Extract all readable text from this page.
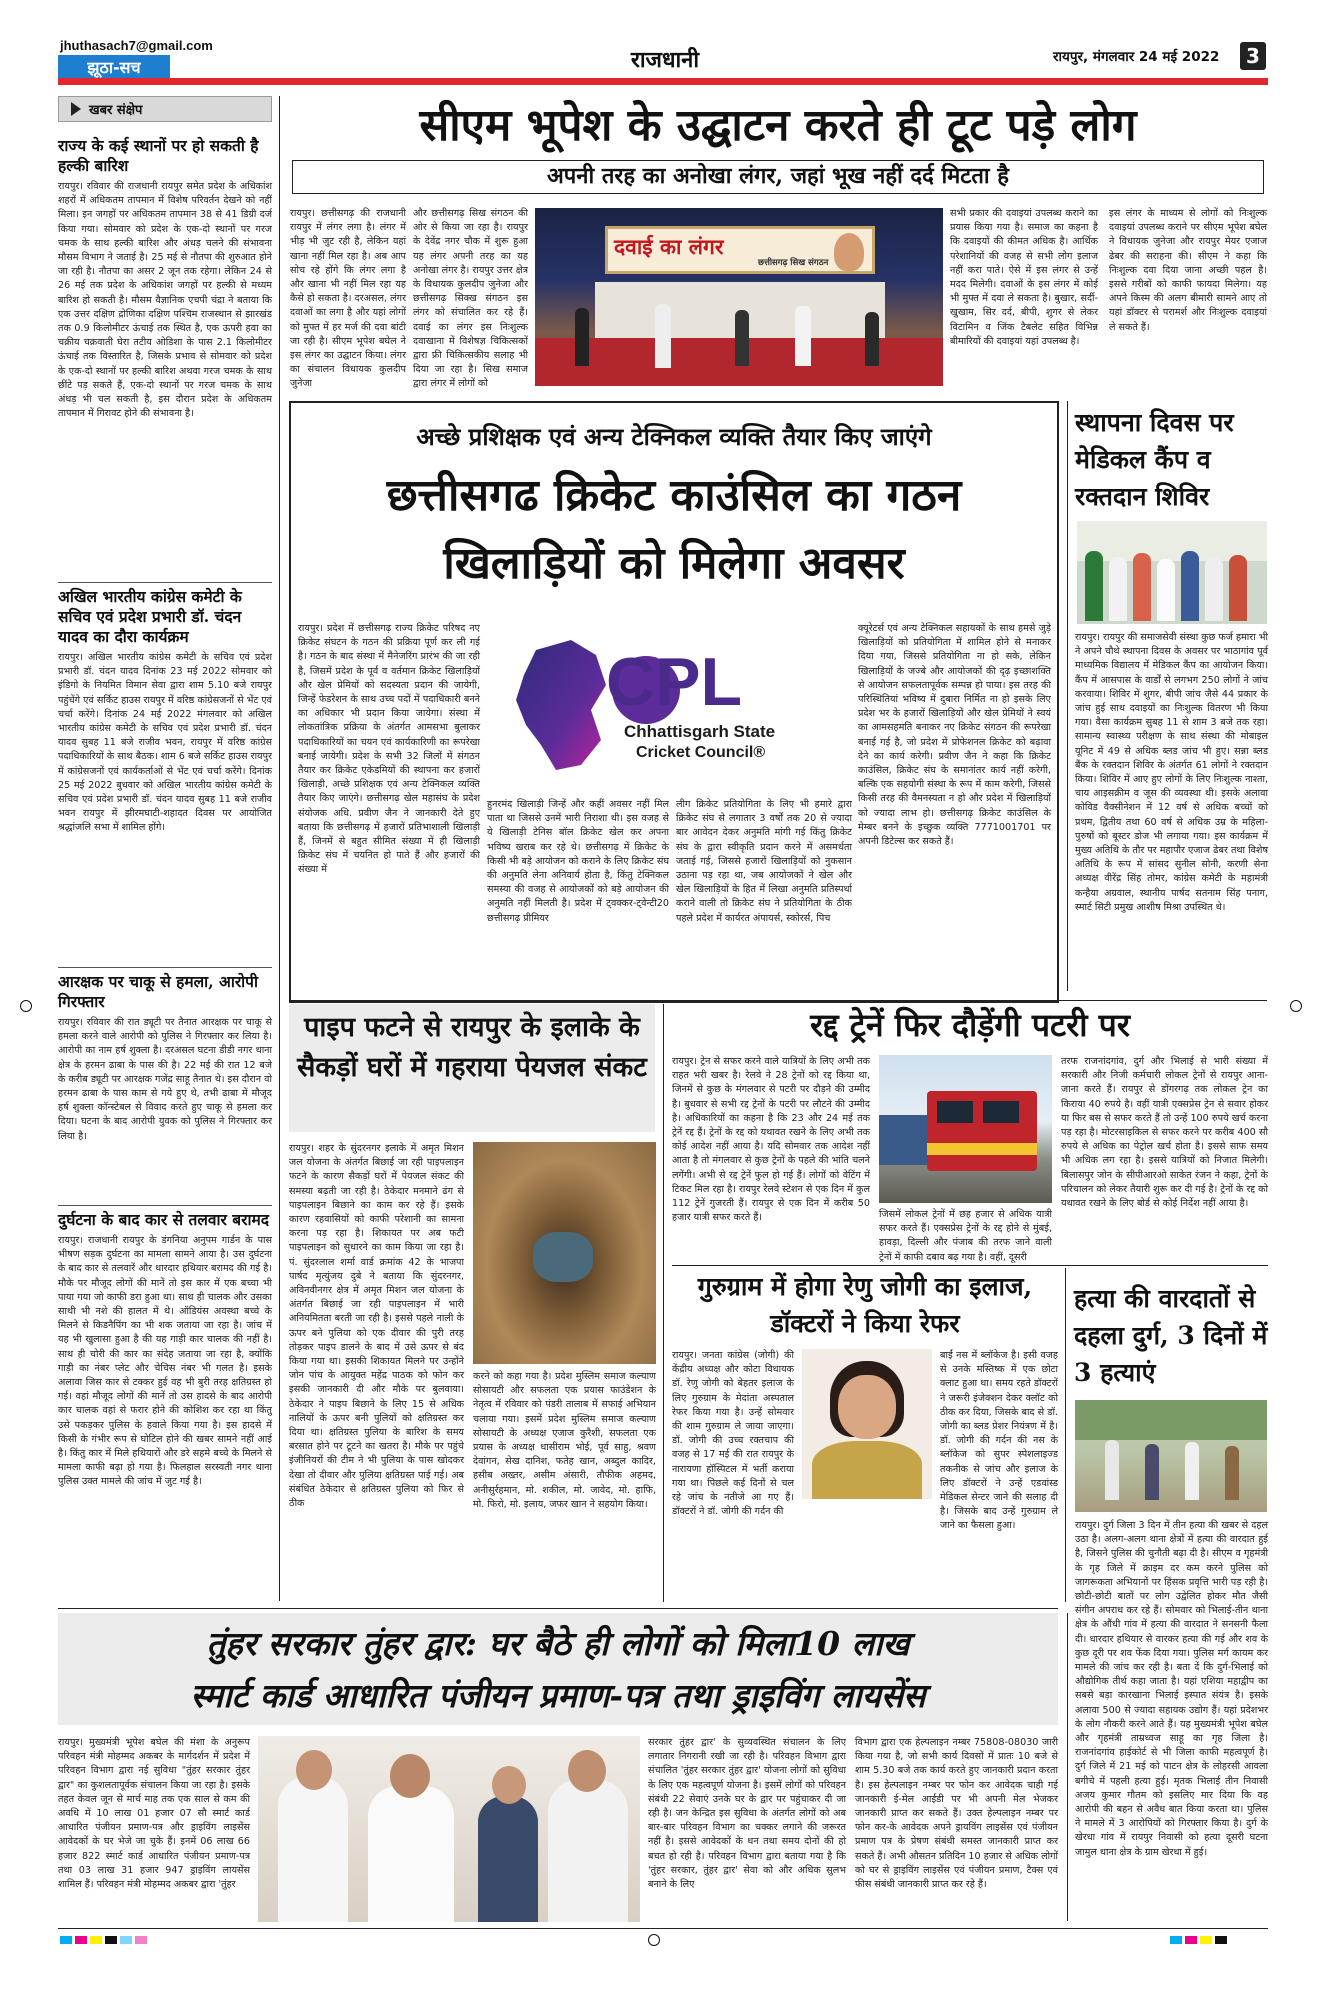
jhuthasach7@gmail.com
झूठा-सच	राजधानी	रायपुर, मंगलवार 24 मई 2022	3
खबर संक्षेप
राज्य के कई स्थानों पर हो सकती है हल्की बारिश
रायपुर। रविवार की राजधानी रायपुर समेत प्रदेश के अधिकांश शहरों में अधिकतम तापमान में विशेष परिवर्तन देखने को नहीं मिला। इन जगहों पर अधिकतम तापमान 38 से 41 डिग्री दर्ज किया गया। सोमवार को प्रदेश के एक-दो स्थानों पर गरज चमक के साथ हल्की बारिश और अंधड़ चलने की संभावना मौसम विभाग ने जताई है। 25 मई से नौतपा की शुरुआत होने जा रही है। नौतपा का असर 2 जून तक रहेगा। लेकिन 24 से 26 मई तक प्रदेश के अधिकांश जगहों पर हल्की से मध्यम बारिश हो सकती है। मौसम वैज्ञानिक एचपी चंद्रा ने बताया कि एक उत्तर दक्षिण द्रोणिका दक्षिण पश्चिम राजस्थान से झारखंड तक 0.9 किलोमीटर ऊंचाई तक स्थित है, एक ऊपरी हवा का चक्रीय चक्रवाती घेरा तटीय ओडिशा के पास 2.1 किलोमीटर ऊंचाई तक विस्तारित है, जिसके प्रभाव से सोमवार को प्रदेश के एक-दो स्थानों पर हल्की बारिश अथवा गरज चमक के साथ छींटे पड़ सकते हैं, एक-दो स्थानों पर गरज चमक के साथ अंधड़ भी चल सकती है, इस दौरान प्रदेश के अधिकतम तापमान में गिरावट होने की संभावना है।
अखिल भारतीय कांग्रेस कमेटी के सचिव एवं प्रदेश प्रभारी डॉ. चंदन यादव का दौरा कार्यक्रम
रायपुर। अखिल भारतीय कांग्रेस कमेटी के सचिव एवं प्रदेश प्रभारी डॉ. चंदन यादव दिनांक 23 मई 2022 सोमवार को इंडिगो के नियमित विमान सेवा द्वारा शाम 5.10 बजे रायपुर पहुंचेंगे एवं सर्किट हाउस रायपुर में वरिष्ठ कांग्रेसजनों से भेंट एवं चर्चा करेंगे। दिनांक 24 मई 2022 मंगलवार को अखिल भारतीय कांग्रेस कमेटी के सचिव एवं प्रदेश प्रभारी डॉ. चंदन यादव सुबह 11 बजे राजीव भवन, रायपुर में वरिष्ठ कांग्रेस पदाधिकारियों के साथ बैठक। शाम 6 बजे सर्किट हाउस रायपुर में कांग्रेसजनों एवं कार्यकर्ताओं से भेंट एवं चर्चा करेंगे। दिनांक 25 मई 2022 बुधवार को अखिल भारतीय कांग्रेस कमेटी के सचिव एवं प्रदेश प्रभारी डॉ. चंदन यादव सुबह 11 बजे राजीव भवन रायपुर में झीरमघाटी-शहादत दिवस पर आयोजित श्रद्धांजलि सभा में शामिल होंगे।
आरक्षक पर चाकू से हमला, आरोपी गिरफ्तार
रायपुर। रविवार की रात ड्यूटी पर तैनात आरक्षक पर चाकू से हमला करने वाले आरोपी को पुलिस ने गिरफ्तार कर लिया है। आरोपी का नाम हर्ष शुक्ला है। दरअसल घटना डीडी नगर थाना क्षेत्र के हरमन ढाबा के पास की है। 22 मई की रात 12 बजे के करीब ड्यूटी पर आरक्षक गजेंद्र साहू तैनात थे। इस दौरान वो हरमन ढाबा के पास काम से गये हुए थे, तभी ढाबा में मौजूद हर्ष शुक्ला कॉन्स्टेबल से विवाद करते हुए चाकू से हमला कर दिया। घटना के बाद आरोपी युवक को पुलिस ने गिरफ्तार कर लिया है।
दुर्घटना के बाद कार से तलवार बरामद
रायपुर। राजधानी रायपुर के डंगनिया अनुपम गार्डन के पास भीषण सड़क दुर्घटना का मामला सामने आया है। उस दुर्घटना के बाद कार से तलवारें और धारदार हथियार बरामद की गई है। मौके पर मौजूद लोगों की मानें तो इस कार में एक बच्चा भी पाया गया जो काफी डरा हुआ था। साथ ही चालक और उसका साथी भी नशे की हालत में थे। ऑडियंस अवस्था बच्चे के मिलने से किडनैपिंग का भी शक जताया जा रहा है। जांच में यह भी खुलासा हुआ है की यह गाड़ी कार चालक की नहीं है। साथ ही चोरी की कार का संदेह जताया जा रहा है, क्योंकि गाड़ी का नंबर प्लेट और चेचिस नंबर भी गलत है। इसके अलावा जिस कार से टक्कर हुई वह भी बुरी तरह क्षतिग्रस्त हो गई। वहां मौजूद लोगों की मानें तो उस हादसे के बाद आरोपी कार चालक वहां से फरार होने की कोशिश कर रहा था किंतु उसे पकड़कर पुलिस के हवाले किया गया है। इस हादसे में किसी के गंभीर रूप से घोटिल होने की खबर सामने नहीं आई है। किंतु कार में मिले हथियारों और डरे सहमे बच्चे के मिलने से मामला काफी बढ़ा हो गया है। फिलहाल सरस्वती नगर थाना पुलिस उक्त मामले की जांच में जुट गई है।
सीएम भूपेश के उद्घाटन करते ही टूट पड़े लोग
अपनी तरह का अनोखा लंगर, जहां भूख नहीं दर्द मिटता है
रायपुर। छत्तीसगढ़ की राजधानी रायपुर में लंगर लगा है। लंगर में भीड़ भी जुट रही है, लेकिन यहां खाना नहीं मिल रहा है। अब आप सोच रहे होंगे कि लंगर लगा है और खाना भी नहीं मिल रहा यह कैसे हो सकता है। दरअसल, लंगर दवाओं का लगा है और यहां लोगों को मुफ्त में हर मर्ज की दवा बांटी जा रही है। सीएम भूपेश बघेल ने इस लंगर का उद्घाटन किया। लंगर का संचालन विधायक कुलदीप जुनेजा
और छत्तीसगढ़ सिख संगठन की ओर से किया जा रहा है। रायपुर के देवेंद्र नगर चौक में शुरू हुआ यह लंगर अपनी तरह का यह अनोखा लंगर है। रायपुर उत्तर क्षेत्र के विधायक कुलदीप जुनेजा और छत्तीसगढ़ सिक्ख संगठन इस लंगर को संचालित कर रहे हैं। दवाई का लंगर इस निःशुल्क दवाखाना में विशेषज्ञ चिकित्सकों द्वारा फ्री चिकित्सकीय सलाह भी दिया जा रहा है। सिख समाज द्वारा लंगर में लोगों को
दवाई का लंगर
छत्तीसगढ़ सिख संगठन
सभी प्रकार की दवाइयां उपलब्ध कराने का प्रयास किया गया है। समाज का कहना है कि दवाइयों की कीमत अधिक है। आर्थिक परेशानियों की वजह से सभी लोग इलाज नहीं करा पाते। ऐसे में इस लंगर से उन्हें मदद मिलेगी। दवाओं के इस लंगर में कोई भी मुफ्त में दवा ले सकता है। बुखार, सर्दी-खुखाम, सिर दर्द, बीपी, शुगर से लेकर विटामिन व जिंक टैबलेट सहित विभिन्न बीमारियों की दवाइयां यहां उपलब्ध है।
इस लंगर के माध्यम से लोगों को निःशुल्क दवाइयां उपलब्ध कराने पर सीएम भूपेश बघेल ने विधायक जुनेजा और रायपुर मेयर एजाज ढेबर की सराहना की। सीएम ने कहा कि निःशुल्क दवा दिया जाना अच्छी पहल है। इससे गरीबों को काफी फायदा मिलेगा। यह अपने किस्म की अलग बीमारी सामने आए तो यहां डॉक्टर से परामर्श और निःशुल्क दवाइयां ले सकते हैं।
अच्छे प्रशिक्षक एवं अन्य टेक्निकल व्यक्ति तैयार किए जाएंगे
छत्तीसगढ क्रिकेट काउंसिल का गठन
खिलाड़ियों को मिलेगा अवसर
रायपुर। प्रदेश में छत्तीसगढ़ राज्य क्रिकेट परिषद नए क्रिकेट संघटन के गठन की प्रक्रिया पूर्ण कर ली गई है। गठन के बाद संस्था में मैनेजरिंग प्रारंभ की जा रही है, जिसमें प्रदेश के पूर्व व वर्तमान क्रिकेट खिलाड़ियों और खेल प्रेमियों को सदस्यता प्रदान की जायेगी, जिन्हें फेडरेशन के साथ उच्च पदों में पदाधिकारी बनने का अधिकार भी प्रदान किया जायेगा। संस्था में लोकतांत्रिक प्रक्रिया के अंतर्गत आमसभा बुलाकर पदाधिकारियों का चयन एवं कार्यकारिणी का रूपरेखा बनाई जायेगी। प्रदेश के सभी 32 जिलों में संगठन तैयार कर क्रिकेट एकेडमियों की स्थापना कर हजारों खिलाड़ी, अच्छे प्रशिक्षक एवं अन्य टेक्निकल व्यक्ति तैयार किए जाएंगे। छत्तीसगढ़ खेल महासंघ के प्रदेश संयोजक अधि. प्रवीण जैन ने जानकारी देते हुए बताया कि छत्तीसगढ़ में हजारों प्रतिभाशाली खिलाड़ी हैं, जिनमें से बहुत सीमित संख्या में ही खिलाड़ी क्रिकेट संघ में चयनित हो पाते हैं और हजारों की संख्या में
CPL
Chhattisgarh State
Cricket Council®
हुनरमंद खिलाड़ी जिन्हें और कहीं अवसर नहीं मिल पाता था जिससे उनमें भारी निराशा थी। इस वजह से ये खिलाड़ी टेनिस बॉल क्रिकेट खेल कर अपना भविष्य खराब कर रहे थे। छत्तीसगढ़ में क्रिकेट के किसी भी बड़े आयोजन को कराने के लिए क्रिकेट संघ की अनुमति लेना अनिवार्य होता है, किंतु टेक्निकल समस्या की वजह से आयोजकों को बड़े आयोजन की अनुमति नहीं मिलती है। प्रदेश में ट्वक्कर-ट्वेन्टी20 छत्तीसगढ़ प्रीमियर
लीग क्रिकेट प्रतियोगिता के लिए भी हमारे द्वारा क्रिकेट संघ से लगातार 3 वर्षों तक 20 से ज्यादा बार आवेदन देकर अनुमति मांगी गई किंतु क्रिकेट संघ के द्वारा स्वीकृति प्रदान करने में असमर्थता जताई गई, जिससे हजारों खिलाड़ियों को नुकसान उठाना पड़ रहा था, जब आयोजकों ने खेल और खेल खिलाड़ियों के हित में लिखा अनुमति प्रतिस्पर्धा कराने वाली तो क्रिकेट संघ ने प्रतियोगिता के ठीक पहले प्रदेश में कार्यरत अंपायर्स, स्कोरर्स, पिच
क्यूरेटर्स एवं अन्य टेक्निकल सहायकों के साथ हमसे जुड़े खिलाड़ियों को प्रतियोगिता में शामिल होने से मनाकर दिया गया, जिससे प्रतियोगिता ना हो सके, लेकिन खिलाड़ियों के जज्बे और आयोजकों की दृढ़ इच्छाशक्ति से आयोजन सफलतापूर्वक सम्पन्न हो पाया। इस तरह की परिस्थितियां भविष्य में दुबारा निर्मित ना हो इसके लिए प्रदेश भर के हजारों खिलाड़ियों और खेल प्रेमियों ने स्वयं का आमसहमति बनाकर नए क्रिकेट संगठन की रूपरेखा बनाई गई है, जो प्रदेश में प्रोफेशनल क्रिकेट को बढ़ावा देने का कार्य करेगी। प्रवीण जैन ने कहा कि क्रिकेट काउंसिल, क्रिकेट संघ के समानांतर कार्य नहीं करेगी, बल्कि एक सहयोगी संस्था के रूप में काम करेगी, जिससे किसी तरह की वैमनस्यता न हो और प्रदेश में खिलाड़ियों को ज्यादा लाभ हो। छत्तीसगढ़ क्रिकेट काउंसिल के मेम्बर बनने के इच्छुक व्यक्ति 7771001701 पर अपनी डिटेल्स कर सकते हैं।
स्थापना दिवस पर मेडिकल कैंप व रक्तदान शिविर
रायपुर। रायपुर की समाजसेवी संस्था कुछ फर्ज हमारा भी ने अपने चौथे स्थापना दिवस के अवसर पर भाठागांव पूर्व माध्यमिक विद्यालय में मेडिकल कैंप का आयोजन किया। कैंप में आसपास के वार्डों से लगभग 250 लोगों ने जांच करवाया। शिविर में शुगर, बीपी जांच जैसे 44 प्रकार के जांच हुई साथ दवाइयों का निःशुल्क वितरण भी किया गया। वैसा कार्यक्रम सुबह 11 से शाम 3 बजे तक रहा। सामान्य स्वास्थ्य परीक्षण के साथ संस्था की मोबाइल यूनिट में 49 से अधिक ब्लड जांच भी हुए। सन्ना ब्लड बैंक के रक्तदान शिविर के अंतर्गत 61 लोगों ने रक्तदान किया। शिविर में आए हुए लोगों के लिए निःशुल्क नाश्ता, चाय आइसक्रीम व जूस की व्यवस्था थी। इसके अलावा कोविड वैक्सीनेशन में 12 वर्ष से अधिक बच्चों को प्रथम, द्वितीय तथा 60 वर्ष से अधिक उम्र के महिला-पुरुषों को बूस्टर डोज भी लगाया गया। इस कार्यक्रम में मुख्य अतिथि के तौर पर महापौर एजाज ढेबर तथा विशेष अतिथि के रूप में सांसद सुनील सोनी, करणी सेना अध्यक्ष वीरेंद्र सिंह तोमर, कांग्रेस कमेटी के महामंत्री कन्हैया अग्रवाल, स्थानीय पार्षद सतनाम सिंह पनाग, स्मार्ट सिटी प्रमुख आशीष मिश्रा उपस्थित थे।
पाइप फटने से रायपुर के इलाके के सैकड़ों घरों में गहराया पेयजल संकट
रायपुर। शहर के सुंदरनगर इलाके में अमृत मिशन जल योजना के अंतर्गत बिछाई जा रही पाइपलाइन फटने के कारण सैकड़ों घरों में पेयजल संकट की समस्या बढ़ती जा रही है। ठेकेदार मनमाने ढंग से पाइपलाइन बिछाने का काम कर रहे हैं। इसके कारण रहवासियों को काफी परेशानी का सामना करना पड़ रहा है। शिकायत पर अब फटी पाइपलाइन को सुधारने का काम किया जा रहा है। पं. सुंदरलाल शर्मा वार्ड क्रमांक 42 के भाजपा पार्षद मृत्युंजय दुबे ने बताया कि सुंदरनगर, अविनवीनगर क्षेत्र में अमृत मिशन जल योजना के अंतर्गत बिछाई जा रही पाइपलाइन में भारी अनियमितता बरती जा रही है। इससे पहले नाली के ऊपर बने पुलिया को एक दीवार की पुरी तरह तोड़कर पाइप डालने के बाद में उसे ऊपर से बंद किया गया था। इसकी शिकायत मिलने पर उन्होंने जोन पांच के आयुक्त महेंद्र पाठक को फोन कर इसकी जानकारी दी और मौके पर बुलवाया। ठेकेदार ने पाइप बिछाने के लिए 15 से अधिक नालियों के ऊपर बनी पुलियों को क्षतिग्रस्त कर दिया था। क्षतिग्रस्त पुलिया के बारिश के समय बरसात होने पर टूटने का खतरा है। मौके पर पहुंचे इंजीनियरों की टीम ने भी पुलिया के पास खोदकर देखा तो दीवार और पुलिया क्षतिग्रस्त पाई गई। अब संबंधित ठेकेदार से क्षतिग्रस्त पुलिया को फिर से ठीक
करने को कहा गया है। प्रदेश मुस्लिम समाज कल्याण सोसायटी और सफलता एक प्रयास फाउंडेशन के नेतृत्व में रविवार को पंडरी तालाब में सफाई अभियान चलाया गया। इसमें प्रदेश मुस्लिम समाज कल्याण सोसायटी के अध्यक्ष एजाज कुरैशी, सफलता एक प्रयास के अध्यक्ष धासीराम भोई, पूर्व साहु, श्रवण देवांगन, सेख दानिश, फतेह खान, अब्दुल कादिर, हसीब अख्तर, असीम अंसारी, तौफीक अहमद, अनीसुर्रहमान, मो. शकील, मो. जावेद, मो. हाफि, मो. फिरो, मो. इलाय, जफर खान ने सहयोग किया।
रद्द ट्रेनें फिर दौड़ेंगी पटरी पर
रायपुर। ट्रेन से सफर करने वाले यात्रियों के लिए अभी तक राहत भरी खबर है। रेलवे ने 28 ट्रेनों को रद्द किया था, जिनमें से कुछ के मंगलवार से पटरी पर दौड़ने की उम्मीद है। बुधवार से सभी रद्द ट्रेनों के पटरी पर लौटने की उम्मीद है। अधिकारियों का कहना है कि 23 और 24 मई तक ट्रेनें रद्द हैं। ट्रेनों के रद्द को यथावत रखने के लिए अभी तक कोई आदेश नहीं आया है। यदि सोमवार तक आदेश नहीं आता है तो मंगलवार से कुछ ट्रेनों के पहले की भांति चलने लगेंगी। अभी से रद्द ट्रेनें फुल हो गई हैं। लोगों को वेटिंग में टिकट मिल रहा है। रायपुर रेलवे स्टेशन से एक दिन में कुल 112 ट्रेनें गुजरती हैं। रायपुर से एक दिन में करीब 50 हजार यात्री सफर करते हैं।	जिसमें लोकल ट्रेनों में छह हजार से अधिक यात्री सफर करते हैं। एक्सप्रेस ट्रेनों के रद्द होने से मुंबई, हावड़ा, दिल्ली और पंजाब की तरफ जाने वाली ट्रेनों में काफी दबाव बढ़ गया है। वहीं, दूसरी
तरफ राजनांदगांव, दुर्ग और भिलाई से भारी संख्या में सरकारी और निजी कर्मचारी लोकल ट्रेनों से रायपुर आना-जाना करते हैं। रायपुर से डोंगरगढ़ तक लोकल ट्रेन का किराया 40 रुपये है। वहीं यात्री एक्सप्रेस ट्रेन से सवार होकर या फिर बस से सफर करते हैं तो उन्हें 100 रुपये खर्च करना पड़ रहा है। मोटरसाइकिल से सफर करने पर करीब 400 सौ रुपये से अधिक का पेट्रोल खर्च होता है। इससे साफ समय भी अधिक लग रहा है। इससे यात्रियों को निजात मिलेगी। बिलासपुर जोन के सीपीआरओ साकेत रंजन ने कहा, ट्रेनों के परिचालन को लेकर तैयारी शुरू कर दी गई है। ट्रेनों के रद्द को यथावत रखने के लिए बोर्ड से कोई निर्देश नहीं आया है।
गुरुग्राम में होगा रेणु जोगी का इलाज, डॉक्टरों ने किया रेफर
रायपुर। जनता कांग्रेस (जोगी) की केंद्रीय अध्यक्ष और कोटा विधायक डॉ. रेणु जोगी को बेहतर इलाज के लिए गुरुग्राम के मेदांता अस्पताल रेफर किया गया है। उन्हें सोमवार की शाम गुरुग्राम ले जाया जाएगा। डॉ. जोगी की उच्च रक्तचाप की वजह से 17 मई की रात रायपुर के नारायणा हॉस्पिटल में भर्ती कराया गया था। पिछले कई दिनों से चल रहे जांच के नतीजे आ गए हैं। डॉक्टरों ने डॉ. जोगी की गर्दन की
बाईं नस में ब्लॉकेज है। इसी वजह से उनके मस्तिष्क में एक छोटा क्लाट हुआ था। समय रहते डॉक्टरों ने जरूरी इंजेक्शन देकर क्लॉट को ठीक कर दिया, जिसके बाद से डॉ. जोगी का ब्लड प्रेशर नियंत्रण में है। डॉ. जोगी की गर्दन की नस के ब्लॉकेज को सुपर स्पेशलाइज्ड तकनीक से जांच और इलाज के लिए डॉक्टरों ने उन्हें एडवांस्ड मेडिकल सेन्टर जाने की सलाह दी है। जिसके बाद उन्हें गुरुग्राम ले जाने का फैसला हुआ।
हत्या की वारदातों से दहला दुर्ग, 3 दिनों में 3 हत्याएं
रायपुर। दुर्ग जिला 3 दिन में तीन हत्या की खबर से दहल उठा है। अलग-अलग थाना क्षेत्रों में हत्या की वारदात हुई है, जिसने पुलिस की चुनौती बढ़ा दी है। सीएम व गृहमंत्री के गृह जिले में क्राइम दर कम करने पुलिस को जागरूकता अभियानों पर हिंसक प्रवृत्ति भारी पड़ रही है। छोटी-छोटी बातों पर लोग उद्वेलित होकर मौत जैसी संगीन अपराध कर रहे हैं। सोमवार को भिलाई-तीन थाना क्षेत्र के औंधी गांव में हत्या की वारदात ने सनसनी फैला दी। धारदार हथियार से वारकर हत्या की गई और शव के कुछ दूरी पर शव फेंक दिया गया। पुलिस मर्ग कायम कर मामले की जांच कर रही है। बता दें कि दुर्ग-भिलाई को औद्योगिक तीर्थ कहा जाता है। यहां एशिया महाद्वीप का सबसे बड़ा कारखाना भिलाई इस्पात संयंत्र है। इसके अलावा 500 से ज्यादा सहायक उद्योग हैं। यहां प्रदेशभर के लोग नौकरी करने आते हैं। यह मुख्यमंत्री भूपेश बघेल और गृहमंत्री ताम्रध्वज साहू का गृह जिला है। राजनांदगांव हाईकोर्ट से भी जिला काफी महत्वपूर्ण है। दुर्ग जिले में 21 मई को पाटन क्षेत्र के लोहरसी आवला बगीचे में पहली हत्या हुई। मृतक भिलाई तीन निवासी अजय कुमार गौतम को इसलिए मार दिया कि वह आरोपी की बहन से अवैध बात किया करता था। पुलिस ने मामले में 3 आरोपियों को गिरफ्तार किया है। दुर्ग के खेरधा गांव में रायपुर निवासी को हत्या दूसरी घटना जामुल थाना क्षेत्र के ग्राम खेरधा में हुई।
तुंहर सरकार तुंहर द्वार: घर बैठे ही लोगों को मिला10 लाख
स्मार्ट कार्ड आधारित पंजीयन प्रमाण-पत्र तथा ड्राइविंग लायसेंस
रायपुर। मुख्यमंत्री भूपेश बघेल की मंशा के अनुरूप परिवहन मंत्री मोहम्मद अकबर के मार्गदर्शन में प्रदेश में परिवहन विभाग द्वारा नई सुविधा "तुंहर सरकार तुंहर द्वार" का कुशलतापूर्वक संचालन किया जा रहा है। इसके तहत केवल जून से मार्च माह तक एक साल से कम की अवधि में 10 लाख 01 हजार 07 सौ स्मार्ट कार्ड आधारित पंजीयन प्रमाण-पत्र और ड्राइविंग लाइसेंस आवेदकों के घर भेजे जा चुके हैं। इनमें 06 लाख 66 हजार 822 स्मार्ट कार्ड आधारित पंजीयन प्रमाण-पत्र तथा 03 लाख 31 हजार 947 ड्राइविंग लायसेंस शामिल हैं। परिवहन मंत्री मोहम्मद अकबर द्वारा 'तुंहर
सरकार तुंहर द्वार' के सुव्यवस्थित संचालन के लिए लगातार निगरानी रखी जा रही है। परिवहन विभाग द्वारा संचालित 'तुंहर सरकार तुंहर द्वार' योजना लोगों को सुविधा के लिए एक महत्वपूर्ण योजना है। इसमें लोगों को परिवहन संबंधी 22 सेवाएं उनके घर के द्वार पर पहुंचाकर दी जा रही है। जन केन्द्रित इस सुविधा के अंतर्गत लोगों को अब बार-बार परिवहन विभाग का चक्कर लगाने की जरूरत नहीं है। इससे आवेदकों के धन तथा समय दोनों की हो बचत हो रही है। परिवहन विभाग द्वारा बताया गया है कि 'तुंहर सरकार, तुंहर द्वार' सेवा को और अधिक सुलभ बनाने के लिए
विभाग द्वारा एक हेल्पलाइन नम्बर 75808-08030 जारी किया गया है, जो सभी कार्य दिवसों में प्रातः 10 बजे से शाम 5.30 बजे तक कार्य करते हुए जानकारी प्रदान करता है। इस हेल्पलाइन नम्बर पर फोन कर आवेदक चाही गई जानकारी ई-मेल आईडी पर भी अपनी मेल भेजकर जानकारी प्राप्त कर सकते हैं। उक्त हेल्पलाइन नम्बर पर फोन कर-के आवेदक अपने ड्रायविंग लाइसेंस एवं पंजीयन प्रमाण पत्र के प्रेषण संबंधी समस्त जानकारी प्राप्त कर सकते हैं। अभी औसतन प्रतिदिन 10 हजार से अधिक लोगों को घर से ड्राइविंग लाइसेंस एवं पंजीयन प्रमाण, टैक्स एवं फीस संबंधी जानकारी प्राप्त कर रहे हैं।
